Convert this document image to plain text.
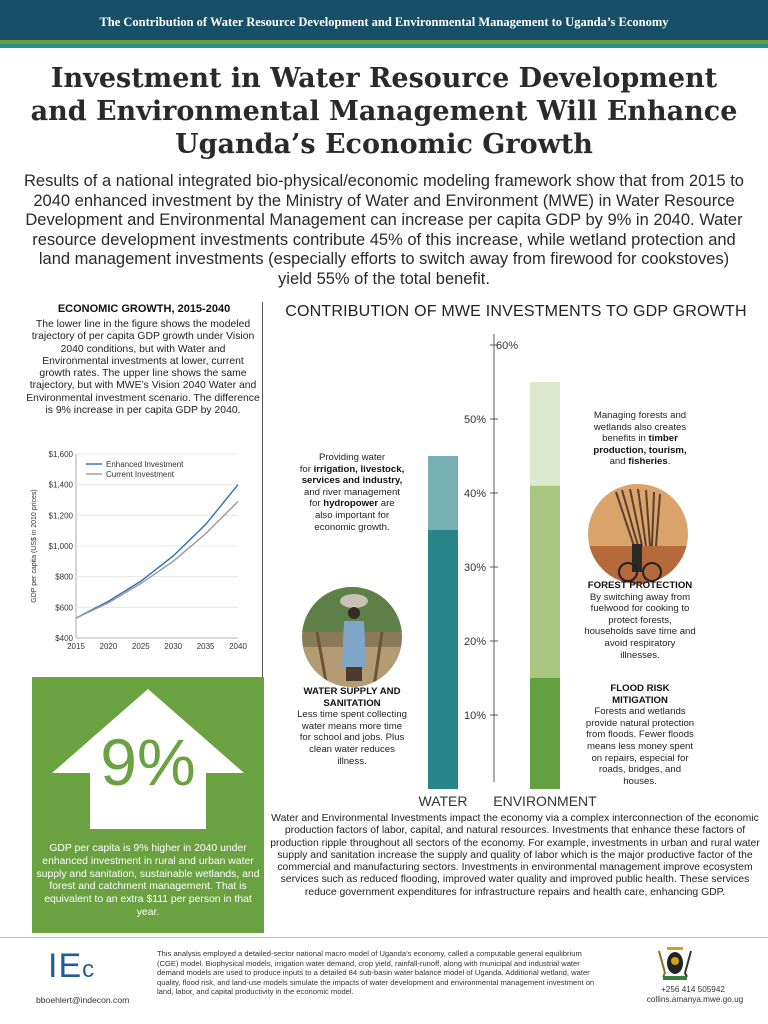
The Contribution of Water Resource Development and Environmental Management to Uganda’s Economy
Investment in Water Resource Development and Environmental Management Will Enhance Uganda’s Economic Growth
Results of a national integrated bio-physical/economic modeling framework show that from 2015 to 2040 enhanced investment by the Ministry of Water and Environment (MWE) in Water Resource Development and Environmental Management can increase per capita GDP by 9% in 2040. Water resource development investments contribute 45% of this increase, while wetland protection and land management investments (especially efforts to switch away from firewood for cookstoves) yield 55% of the total benefit.
ECONOMIC GROWTH, 2015-2040
The lower line in the figure shows the modeled trajectory of per capita GDP growth under Vision 2040 conditions, but with Water and Environmental investments at lower, current growth rates. The upper line shows the same trajectory, but with MWE’s Vision 2040 Water and Environmental investment scenario. The difference is 9% increase in per capita GDP by 2040.
$400
$600
$800
$1,000
$1,200
$1,400
$1,600
2015 2020 2025 2030 2035 2040
GDP per capita (US$ in 2010 prices)
Enhanced Investment
Current Investment
9%
GDP per capita is 9% higher in 2040 under enhanced investment in rural and urban water supply and sanitation, sustainable wetlands, and forest and catchment management. That is equivalent to an extra $111 per person in that year.
CONTRIBUTION OF MWE INVESTMENTS TO GDP GROWTH
10%
20%
30%
40%
50%
60%
WATER ENVIRONMENT
Providing water
for irrigation, livestock,
services and industry,
and river management
for hydropower are
also important for
economic growth.
WATER SUPPLY AND SANITATION
Less time spent collecting water means more time for school and jobs. Plus clean water reduces illness.
Managing forests and
wetlands also creates
benefits in timber
production, tourism,
and fisheries.
FOREST PROTECTION
By switching away from fuelwood for cooking to protect forests, households save time and avoid respiratory illnesses.
FLOOD RISK MITIGATION
Forests and wetlands provide natural protection from floods. Fewer floods means less money spent on repairs, especial for roads, bridges, and houses.
Water and Environmental Investments impact the economy via a complex interconnection of the economic production factors of labor, capital, and natural resources. Investments that enhance these factors of production ripple throughout all sectors of the economy. For example, investments in urban and rural water supply and sanitation increase the supply and quality of labor which is the major productive factor of the commercial and manufacturing sectors. Investments in environmental management improve ecosystem services such as reduced flooding, improved water quality and improved public health. These services reduce government expenditures for infrastructure repairs and health care, enhancing GDP.
IEc
bboehlert@indecon.com
This analysis employed a detailed-sector national macro model of Uganda’s economy, called a computable general equilibrium (CGE) model. Biophysical models, irrigation water demand, crop yield, rainfall-runoff, along with municipal and industrial water demand models are used to produce inputs to a detailed 84 sub-basin water balance model of Uganda. Additional wetland, water quality, flood risk, and land-use models simulate the impacts of water development and environmental management investment on land, labor, and capital productivity in the economic model.	+256 414 505942
collins.amanya.mwe.go.ug
